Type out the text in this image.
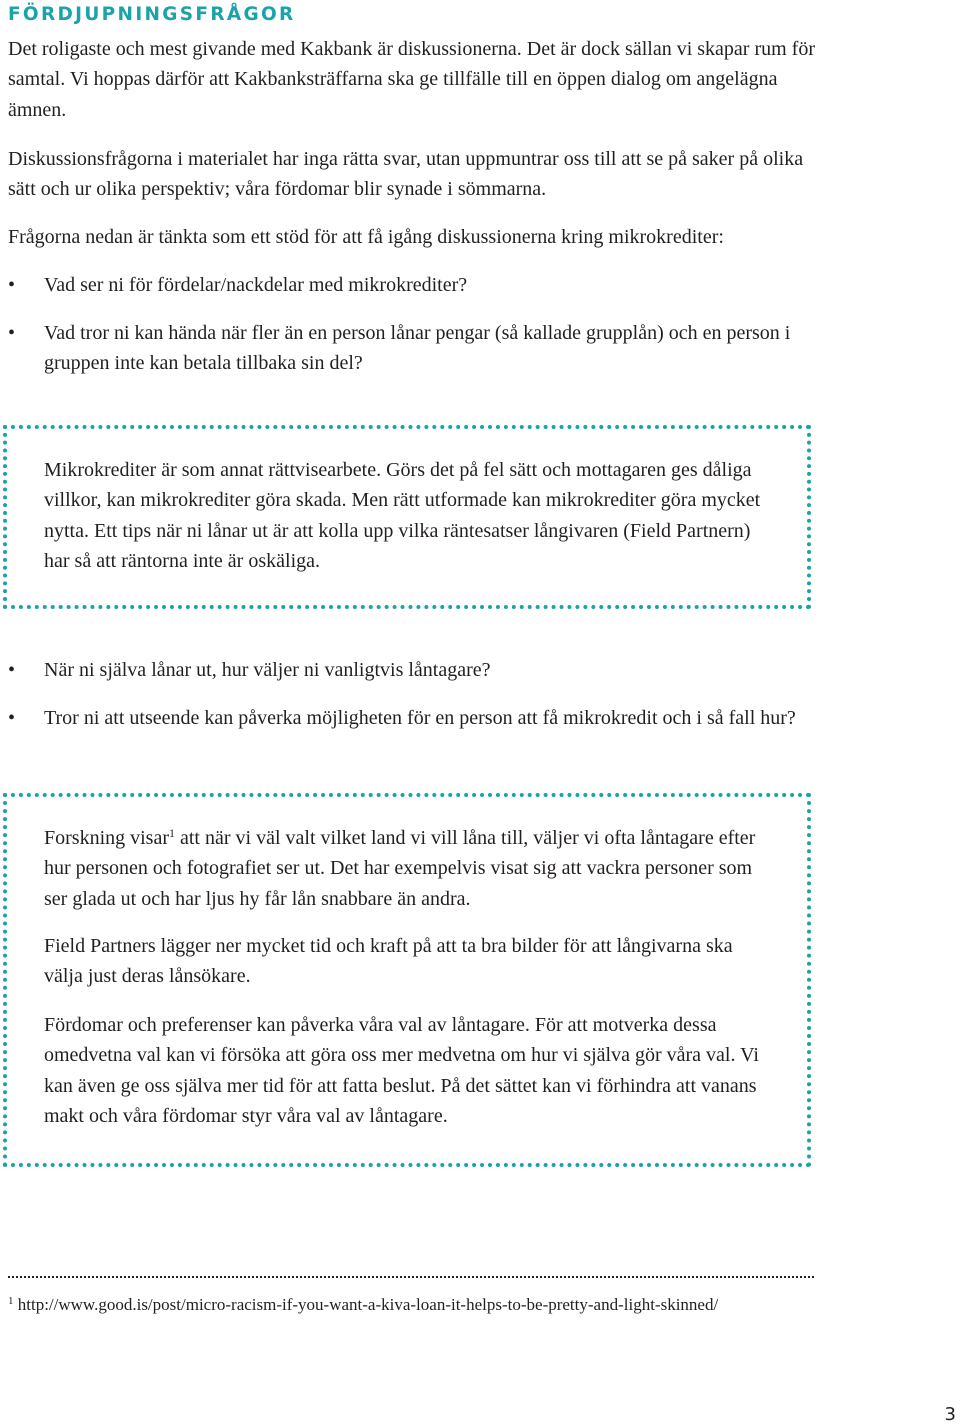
FÖRDJUPNINGSFRÅGOR

Det roligaste och mest givande med Kakbank är diskussionerna. Det är dock sällan vi skapar rum för samtal. Vi hoppas därför att Kakbanksträffarna ska ge tillfälle till en öppen dialog om angelägna ämnen.

Diskussionsfrågorna i materialet har inga rätta svar, utan uppmuntrar oss till att se på saker på olika sätt och ur olika perspektiv; våra fördomar blir synade i sömmarna.

Frågorna nedan är tänkta som ett stöd för att få igång diskussionerna kring mikrokrediter:

• Vad ser ni för fördelar/nackdelar med mikrokrediter?
• Vad tror ni kan hända när fler än en person lånar pengar (så kallade grupplån) och en person i gruppen inte kan betala tillbaka sin del?

Mikrokrediter är som annat rättvisearbete. Görs det på fel sätt och mottagaren ges dåliga villkor, kan mikrokrediter göra skada. Men rätt utformade kan mikrokrediter göra mycket nytta. Ett tips när ni lånar ut är att kolla upp vilka räntesatser långivaren (Field Partnern) har så att räntorna inte är oskäliga.

• När ni själva lånar ut, hur väljer ni vanligtvis låntagare?
• Tror ni att utseende kan påverka möjligheten för en person att få mikrokredit och i så fall hur?

Forskning visar$^1$ att när vi väl valt vilket land vi vill låna till, väljer vi ofta låntagare efter hur personen och fotografiet ser ut. Det har exempelvis visat sig att vackra personer som ser glada ut och har ljus hy får lån snabbare än andra.

Field Partners lägger ner mycket tid och kraft på att ta bra bilder för att långivarna ska välja just deras lånsökare.

Fördomar och preferenser kan påverka våra val av låntagare. För att motverka dessa omedvetna val kan vi försöka att göra oss mer medvetna om hur vi själva gör våra val. Vi kan även ge oss själva mer tid för att fatta beslut. På det sättet kan vi förhindra att vanans makt och våra fördomar styr våra val av låntagare.

$^1$ http://www.good.is/post/micro-racism-if-you-want-a-kiva-loan-it-helps-to-be-pretty-and-light-skinned/
3
